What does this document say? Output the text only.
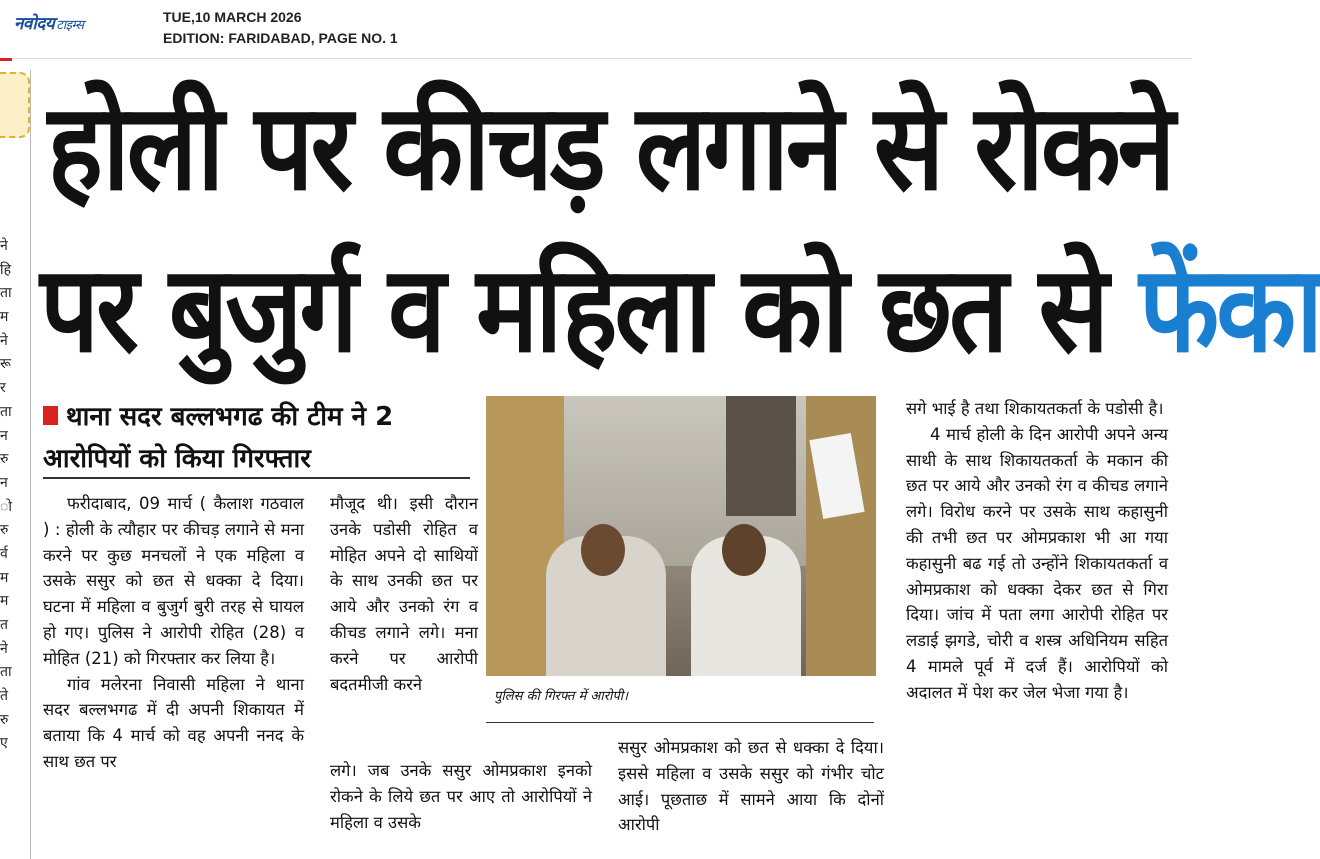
नवोदय टाइम्स
TUE,10 MARCH 2026
EDITION: FARIDABAD, PAGE NO. 1
ने
हि
ता
म
ने
रू
र
ता
न
रु
न
ो
रु
र्व
म
म
त
ने
ता
ते
रु
ए
होली पर कीचड़ लगाने से रोकने
पर बुजुर्ग व महिला को छत से फेंका
थाना सदर बल्लभगढ की टीम ने 2 आरोपियों को किया गिरफ्तार

फरीदाबाद, 09 मार्च ( कैलाश गठवाल ) : होली के त्यौहार पर कीचड़ लगाने से मना करने पर कुछ मनचलों ने एक महिला व उसके ससुर को छत से धक्का दे दिया। घटना में महिला व बुजुर्ग बुरी तरह से घायल हो गए। पुलिस ने आरोपी रोहित (28) व मोहित (21) को गिरफ्तार कर लिया है।

गांव मलेरना निवासी महिला ने थाना सदर बल्लभगढ में दी अपनी शिकायत में बताया कि 4 मार्च को वह अपनी ननद के साथ छत पर

मौजूद थी। इसी दौरान उनके पडोसी रोहित व मोहित अपने दो साथियों के साथ उनकी छत पर आये और उनको रंग व कीचड लगाने लगे। मना करने पर आरोपी बदतमीजी करने

लगे। जब उनके ससुर ओमप्रकाश इनको रोकने के लिये छत पर आए तो आरोपियों ने महिला व उसके

पुलिस की गिरफ्त में आरोपी।

ससुर ओमप्रकाश को छत से धक्का दे दिया। इससे महिला व उसके ससुर को गंभीर चोट आई। पूछताछ में सामने आया कि दोनों आरोपी

सगे भाई है तथा शिकायतकर्ता के पडोसी है।

4 मार्च होली के दिन आरोपी अपने अन्य साथी के साथ शिकायतकर्ता के मकान की छत पर आये और उनको रंग व कीचड लगाने लगे। विरोध करने पर उसके साथ कहासुनी की तभी छत पर ओमप्रकाश भी आ गया कहासुनी बढ गई तो उन्होंने शिकायतकर्ता व ओमप्रकाश को धक्का देकर छत से गिरा दिया। जांच में पता लगा आरोपी रोहित पर लडाई झगडे, चोरी व शस्त्र अधिनियम सहित 4 मामले पूर्व में दर्ज हैं। आरोपियों को अदालत में पेश कर जेल भेजा गया है।
